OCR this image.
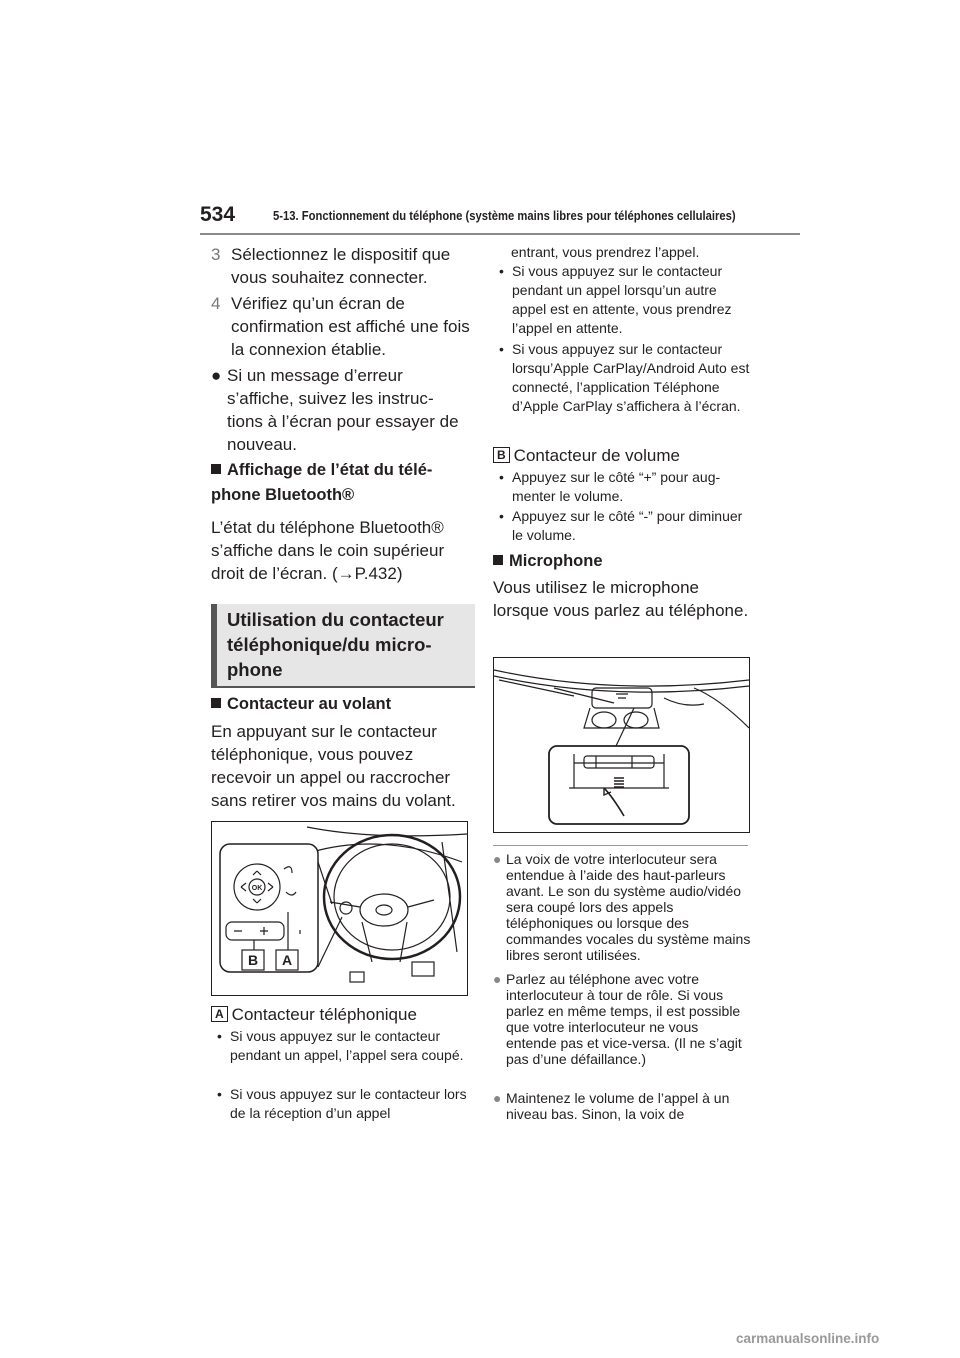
534	5-13. Fonctionnement du téléphone (système mains libres pour téléphones cellulaires)
3 Sélectionnez le dispositif que vous souhaitez connecter.
4 Vérifiez qu’un écran de confirmation est affiché une fois la connexion établie.
● Si un message d’erreur s’affiche, suivez les instructions à l’écran pour essayer de nouveau.
Affichage de l’état du téléphone Bluetooth®
L’état du téléphone Bluetooth® s’affiche dans le coin supérieur droit de l’écran. (→P.432)
Utilisation du contacteur téléphonique/du microphone
Contacteur au volant
En appuyant sur le contacteur téléphonique, vous pouvez recevoir un appel ou raccrocher sans retirer vos mains du volant.
OK
B A
A Contacteur téléphonique
• Si vous appuyez sur le contacteur pendant un appel, l’appel sera coupé.
• Si vous appuyez sur le contacteur lors de la réception d’un appel
entrant, vous prendrez l’appel.
• Si vous appuyez sur le contacteur pendant un appel lorsqu’un autre appel est en attente, vous prendrez l’appel en attente.
• Si vous appuyez sur le contacteur lorsqu’Apple CarPlay/Android Auto est connecté, l’application Téléphone d’Apple CarPlay s’affichera à l’écran.
B Contacteur de volume
• Appuyez sur le côté “+” pour augmenter le volume.
• Appuyez sur le côté “-” pour diminuer le volume.
Microphone
Vous utilisez le microphone lorsque vous parlez au téléphone.
● La voix de votre interlocuteur sera entendue à l’aide des haut-parleurs avant. Le son du système audio/vidéo sera coupé lors des appels téléphoniques ou lorsque des commandes vocales du système mains libres seront utilisées.
● Parlez au téléphone avec votre interlocuteur à tour de rôle. Si vous parlez en même temps, il est possible que votre interlocuteur ne vous entende pas et vice-versa. (Il ne s’agit pas d’une défaillance.)
● Maintenez le volume de l’appel à un niveau bas. Sinon, la voix de
carmanualsonline.info
